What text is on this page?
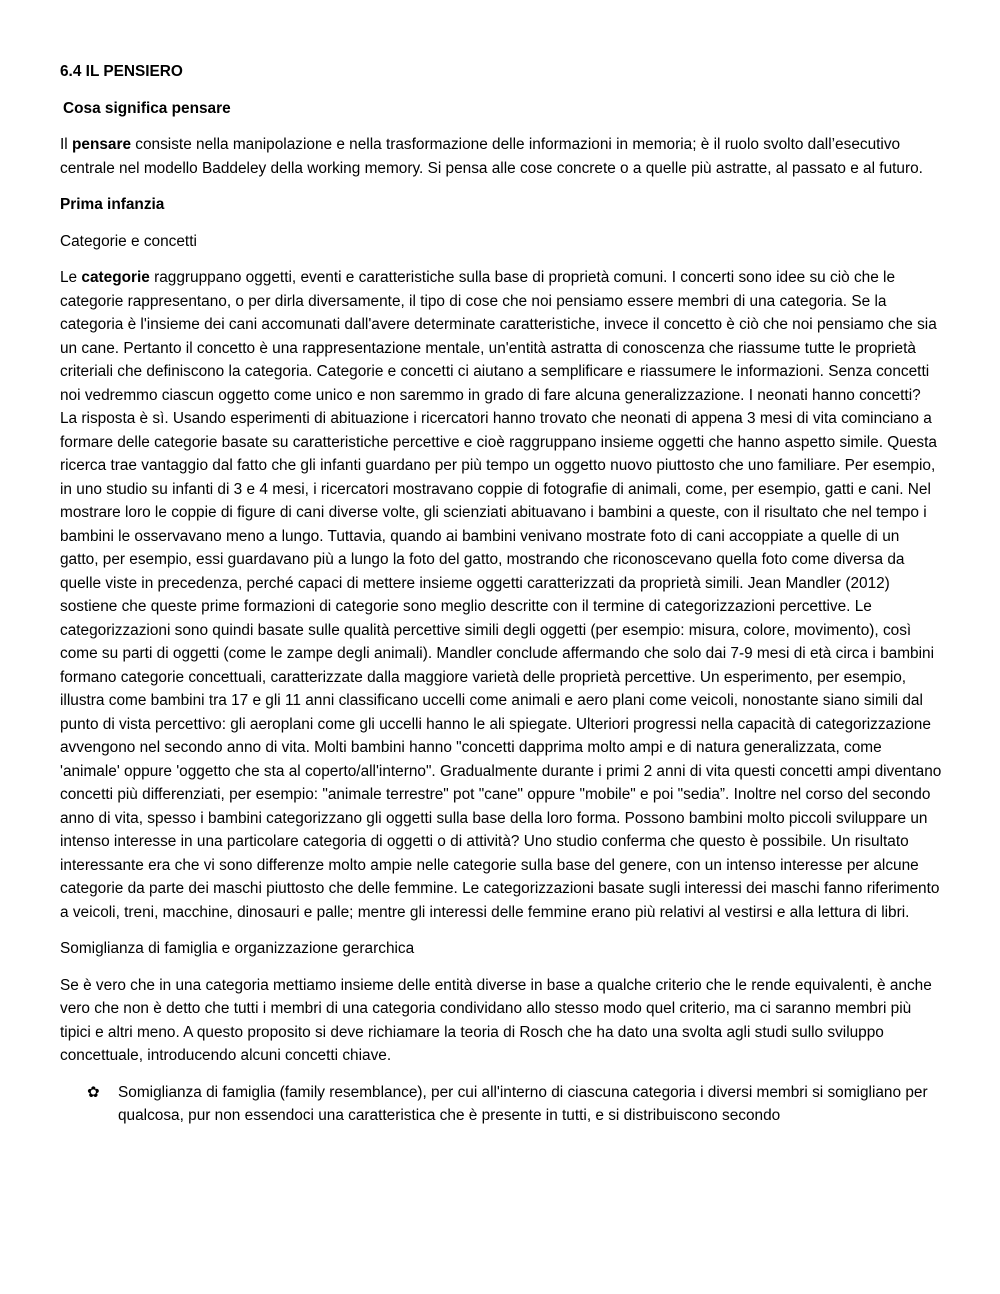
6.4 IL PENSIERO
Cosa significa pensare

Il pensare consiste nella manipolazione e nella trasformazione delle informazioni in memoria; è il ruolo svolto dall’esecutivo centrale nel modello Baddeley della working memory. Si pensa alle cose concrete o a quelle più astratte, al passato e al futuro.

Prima infanzia

Categorie e concetti

Le categorie raggruppano oggetti, eventi e caratteristiche sulla base di proprietà comuni. I concerti sono idee su ciò che le categorie rappresentano, o per dirla diversamente, il tipo di cose che noi pensiamo essere membri di una categoria. Se la categoria è l'insieme dei cani accomunati dall'avere determinate caratteristiche, invece il concetto è ciò che noi pensiamo che sia un cane. Pertanto il concetto è una rappresentazione mentale, un'entità astratta di conoscenza che riassume tutte le proprietà criteriali che definiscono la categoria. Categorie e concetti ci aiutano a semplificare e riassumere le informazioni. Senza concetti noi vedremmo ciascun oggetto come unico e non saremmo in grado di fare alcuna generalizzazione. I neonati hanno concetti? La risposta è sì. Usando esperimenti di abituazione i ricercatori hanno trovato che neonati di appena 3 mesi di vita cominciano a formare delle categorie basate su caratteristiche percettive e cioè raggruppano insieme oggetti che hanno aspetto simile. Questa ricerca trae vantaggio dal fatto che gli infanti guardano per più tempo un oggetto nuovo piuttosto che uno familiare. Per esempio, in uno studio su infanti di 3 e 4 mesi, i ricercatori mostravano coppie di fotografie di animali, come, per esempio, gatti e cani. Nel mostrare loro le coppie di figure di cani diverse volte, gli scienziati abituavano i bambini a queste, con il risultato che nel tempo i bambini le osservavano meno a lungo. Tuttavia, quando ai bambini venivano mostrate foto di cani accoppiate a quelle di un gatto, per esempio, essi guardavano più a lungo la foto del gatto, mostrando che riconoscevano quella foto come diversa da quelle viste in precedenza, perché capaci di mettere insieme oggetti caratterizzati da proprietà simili. Jean Mandler (2012) sostiene che queste prime formazioni di categorie sono meglio descritte con il termine di categorizzazioni percettive. Le categorizzazioni sono quindi basate sulle qualità percettive simili degli oggetti (per esempio: misura, colore, movimento), così come su parti di oggetti (come le zampe degli animali). Mandler conclude affermando che solo dai 7-9 mesi di età circa i bambini formano categorie concettuali, caratterizzate dalla maggiore varietà delle proprietà percettive. Un esperimento, per esempio, illustra come bambini tra 17 e gli 11 anni classificano uccelli come animali e aero plani come veicoli, nonostante siano simili dal punto di vista percettivo: gli aeroplani come gli uccelli hanno le ali spiegate. Ulteriori progressi nella capacità di categorizzazione avvengono nel secondo anno di vita. Molti bambini hanno "concetti dapprima molto ampi e di natura generalizzata, come 'animale' oppure 'oggetto che sta al coperto/all'interno". Gradualmente durante i primi 2 anni di vita questi concetti ampi diventano concetti più differenziati, per esempio: "animale terrestre" pot "cane" oppure "mobile" e poi "sedia”. Inoltre nel corso del secondo anno di vita, spesso i bambini categorizzano gli oggetti sulla base della loro forma. Possono bambini molto piccoli sviluppare un intenso interesse in una particolare categoria di oggetti o di attività? Uno studio conferma che questo è possibile. Un risultato interessante era che vi sono differenze molto ampie nelle categorie sulla base del genere, con un intenso interesse per alcune categorie da parte dei maschi piuttosto che delle femmine. Le categorizzazioni basate sugli interessi dei maschi fanno riferimento a veicoli, treni, macchine, dinosauri e palle; mentre gli interessi delle femmine erano più relativi al vestirsi e alla lettura di libri.

Somiglianza di famiglia e organizzazione gerarchica

Se è vero che in una categoria mettiamo insieme delle entità diverse in base a qualche criterio che le rende equivalenti, è anche vero che non è detto che tutti i membri di una categoria condividano allo stesso modo quel criterio, ma ci saranno membri più tipici e altri meno. A questo proposito si deve richiamare la teoria di Rosch che ha dato una svolta agli studi sullo sviluppo concettuale, introducendo alcuni concetti chiave.

✿ Somiglianza di famiglia (family resemblance), per cui all'interno di ciascuna categoria i diversi membri si somigliano per qualcosa, pur non essendoci una caratteristica che è presente in tutti, e si distribuiscono secondo
